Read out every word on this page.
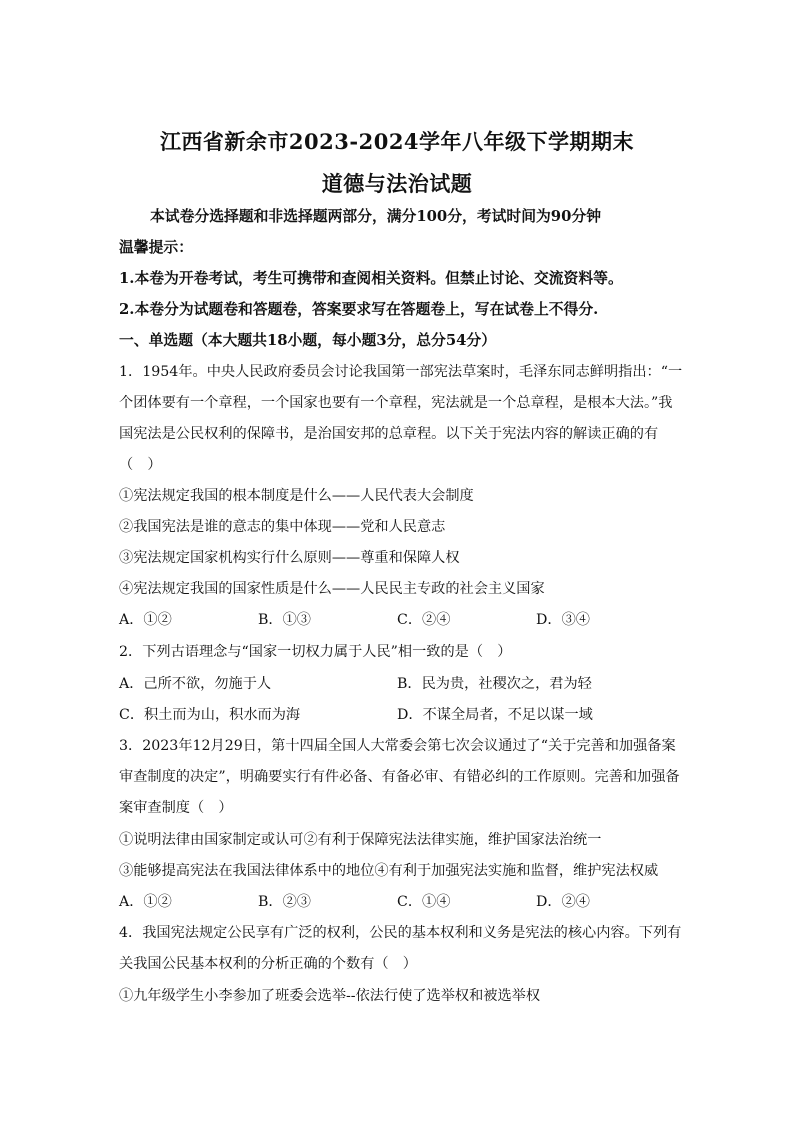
江西省新余市2023-2024学年八年级下学期期末
道德与法治试题
本试卷分选择题和非选择题两部分，满分100分，考试时间为90分钟
温馨提示：
1.本卷为开卷考试，考生可携带和查阅相关资料。但禁止讨论、交流资料等。
2.本卷分为试题卷和答题卷，答案要求写在答题卷上，写在试卷上不得分.
一、单选题（本大题共18小题，每小题3分，总分54分）
1．1954年。中央人民政府委员会讨论我国第一部宪法草案时，毛泽东同志鲜明指出：“一
个团体要有一个章程，一个国家也要有一个章程，宪法就是一个总章程，是根本大法。”我
国宪法是公民权利的保障书，是治国安邦的总章程。以下关于宪法内容的解读正确的有
（　）
①宪法规定我国的根本制度是什么——人民代表大会制度
②我国宪法是谁的意志的集中体现——党和人民意志
③宪法规定国家机构实行什么原则——尊重和保障人权
④宪法规定我国的国家性质是什么——人民民主专政的社会主义国家
A．①②	B．①③	C．②④	D．③④
2．下列古语理念与“国家一切权力属于人民”相一致的是（　）
A．己所不欲，勿施于人	B．民为贵，社稷次之，君为轻
C．积土而为山，积水而为海	D．不谋全局者，不足以谋一域
3．2023年12月29日，第十四届全国人大常委会第七次会议通过了“关于完善和加强备案
审查制度的决定”，明确要实行有件必备、有备必审、有错必纠的工作原则。完善和加强备
案审查制度（　）
①说明法律由国家制定或认可②有利于保障宪法法律实施，维护国家法治统一
③能够提高宪法在我国法律体系中的地位④有利于加强宪法实施和监督，维护宪法权威
A．①②	B．②③	C．①④	D．②④
4．我国宪法规定公民享有广泛的权利，公民的基本权利和义务是宪法的核心内容。下列有
关我国公民基本权利的分析正确的个数有（　）
①九年级学生小李参加了班委会选举--依法行使了选举权和被选举权
